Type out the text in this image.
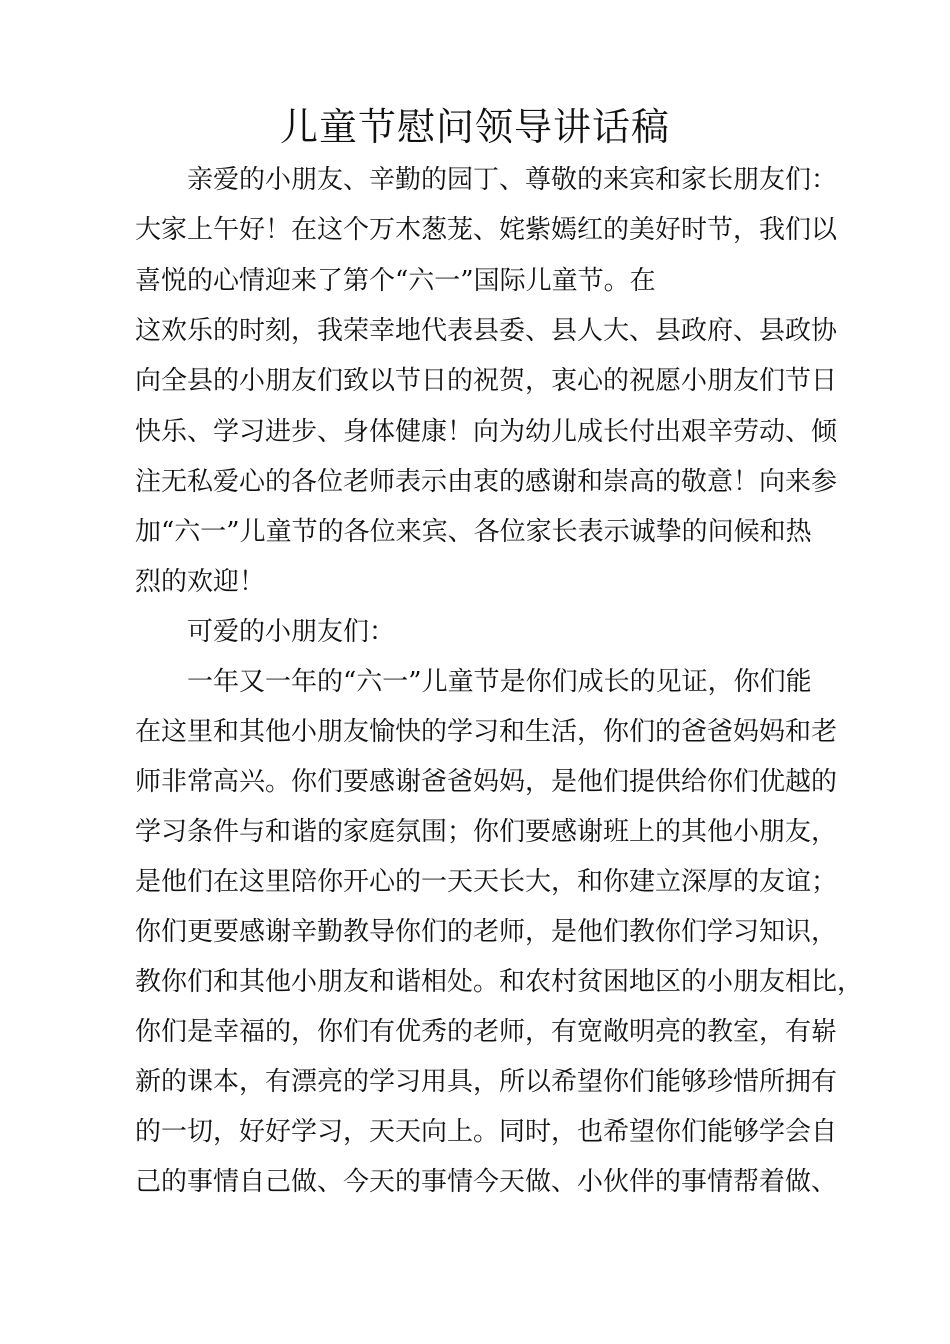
儿童节慰问领导讲话稿

亲爱的小朋友、辛勤的园丁、尊敬的来宾和家长朋友们：

大家上午好！在这个万木葱茏、姹紫嫣红的美好时节，我们以

喜悦的心情迎来了第个“六一”国际儿童节。在

这欢乐的时刻，我荣幸地代表县委、县人大、县政府、县政协

向全县的小朋友们致以节日的祝贺，衷心的祝愿小朋友们节日

快乐、学习进步、身体健康！向为幼儿成长付出艰辛劳动、倾

注无私爱心的各位老师表示由衷的感谢和崇高的敬意！向来参

加“六一”儿童节的各位来宾、各位家长表示诚挚的问候和热

烈的欢迎！

可爱的小朋友们：

一年又一年的“六一”儿童节是你们成长的见证，你们能

在这里和其他小朋友愉快的学习和生活，你们的爸爸妈妈和老

师非常高兴。你们要感谢爸爸妈妈，是他们提供给你们优越的

学习条件与和谐的家庭氛围；你们要感谢班上的其他小朋友，

是他们在这里陪你开心的一天天长大，和你建立深厚的友谊；

你们更要感谢辛勤教导你们的老师，是他们教你们学习知识，

教你们和其他小朋友和谐相处。和农村贫困地区的小朋友相比，

你们是幸福的，你们有优秀的老师，有宽敞明亮的教室，有崭

新的课本，有漂亮的学习用具，所以希望你们能够珍惜所拥有

的一切，好好学习，天天向上。同时，也希望你们能够学会自

己的事情自己做、今天的事情今天做、小伙伴的事情帮着做、
